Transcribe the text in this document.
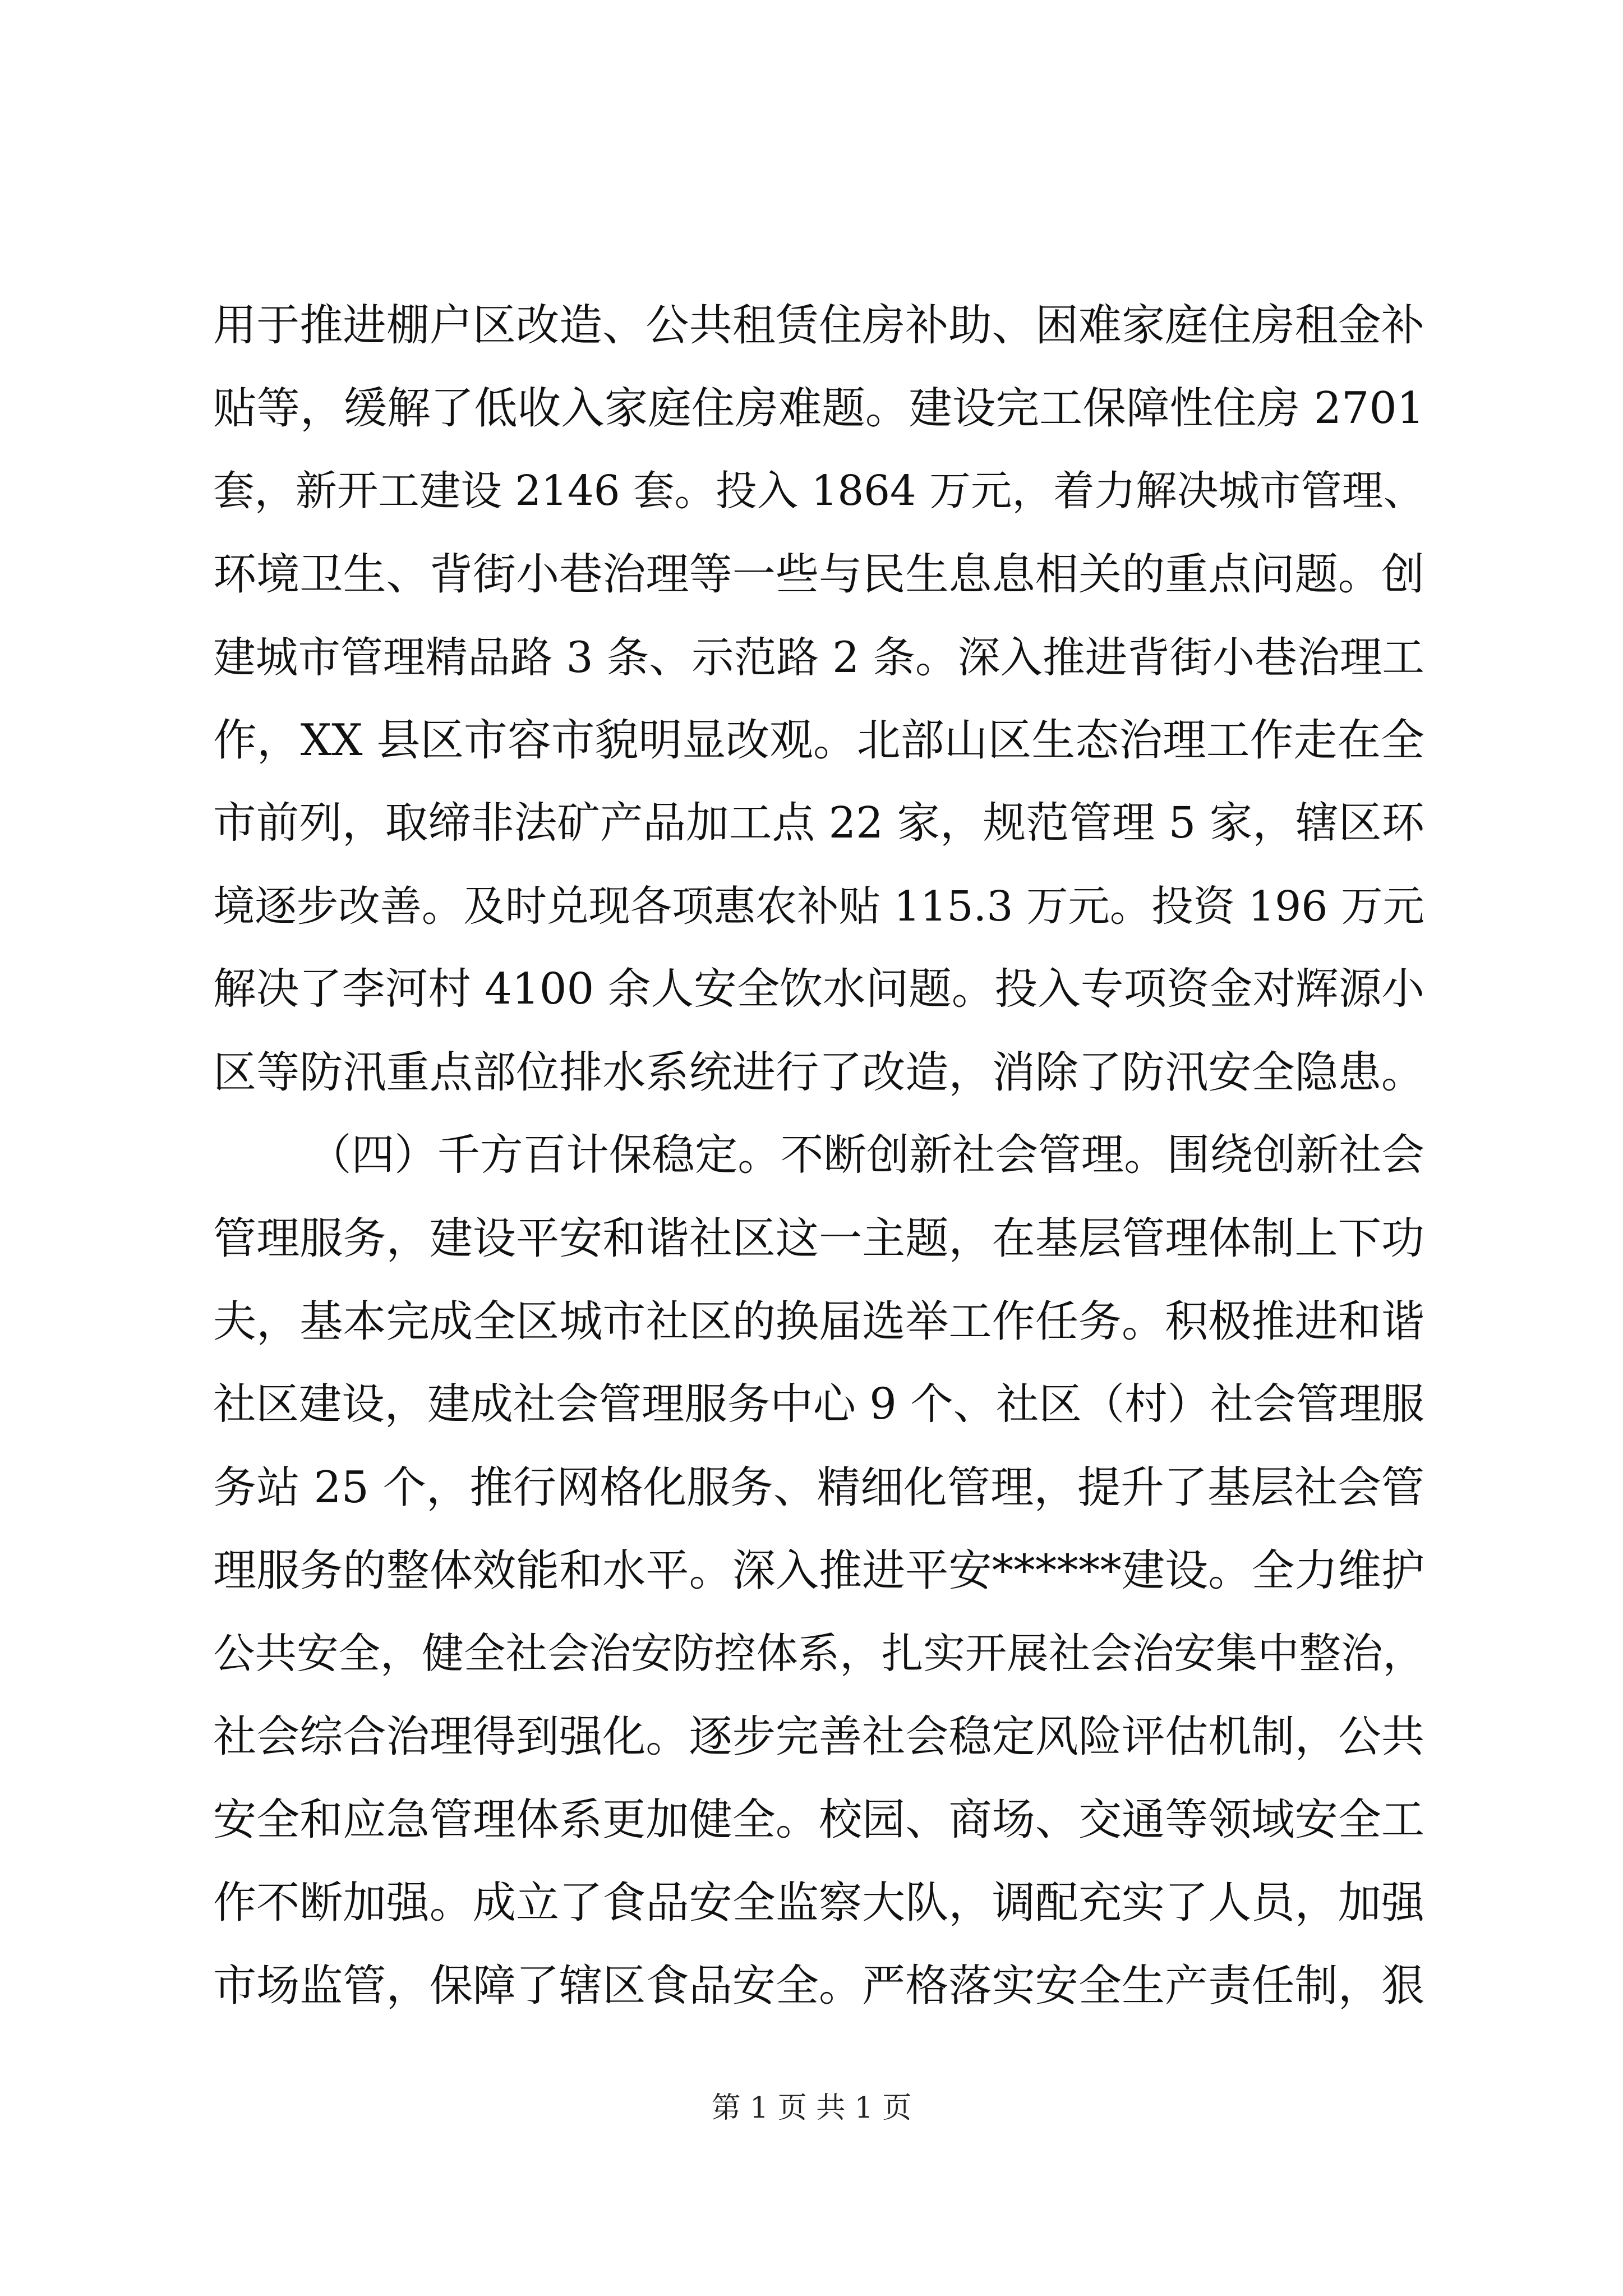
用于推进棚户区改造、公共租赁住房补助、困难家庭住房租金补
贴等，缓解了低收入家庭住房难题。建设完工保障性住房 2701
套，新开工建设 2146 套。投入 1864 万元，着力解决城市管理、
环境卫生、背街小巷治理等一些与民生息息相关的重点问题。创
建城市管理精品路 3 条、示范路 2 条。深入推进背街小巷治理工
作，XX 县区市容市貌明显改观。北部山区生态治理工作走在全
市前列，取缔非法矿产品加工点 22 家，规范管理 5 家，辖区环
境逐步改善。及时兑现各项惠农补贴 115.3 万元。投资 196 万元
解决了李河村 4100 余人安全饮水问题。投入专项资金对辉源小
区等防汛重点部位排水系统进行了改造，消除了防汛安全隐患。
（四）千方百计保稳定。不断创新社会管理。围绕创新社会
管理服务，建设平安和谐社区这一主题，在基层管理体制上下功
夫，基本完成全区城市社区的换届选举工作任务。积极推进和谐
社区建设，建成社会管理服务中心 9 个、社区（村）社会管理服
务站 25 个，推行网格化服务、精细化管理，提升了基层社会管
理服务的整体效能和水平。深入推进平安******建设。全力维护
公共安全，健全社会治安防控体系，扎实开展社会治安集中整治，
社会综合治理得到强化。逐步完善社会稳定风险评估机制，公共
安全和应急管理体系更加健全。校园、商场、交通等领域安全工
作不断加强。成立了食品安全监察大队，调配充实了人员，加强
市场监管，保障了辖区食品安全。严格落实安全生产责任制，狠
第 1 页 共 1 页
